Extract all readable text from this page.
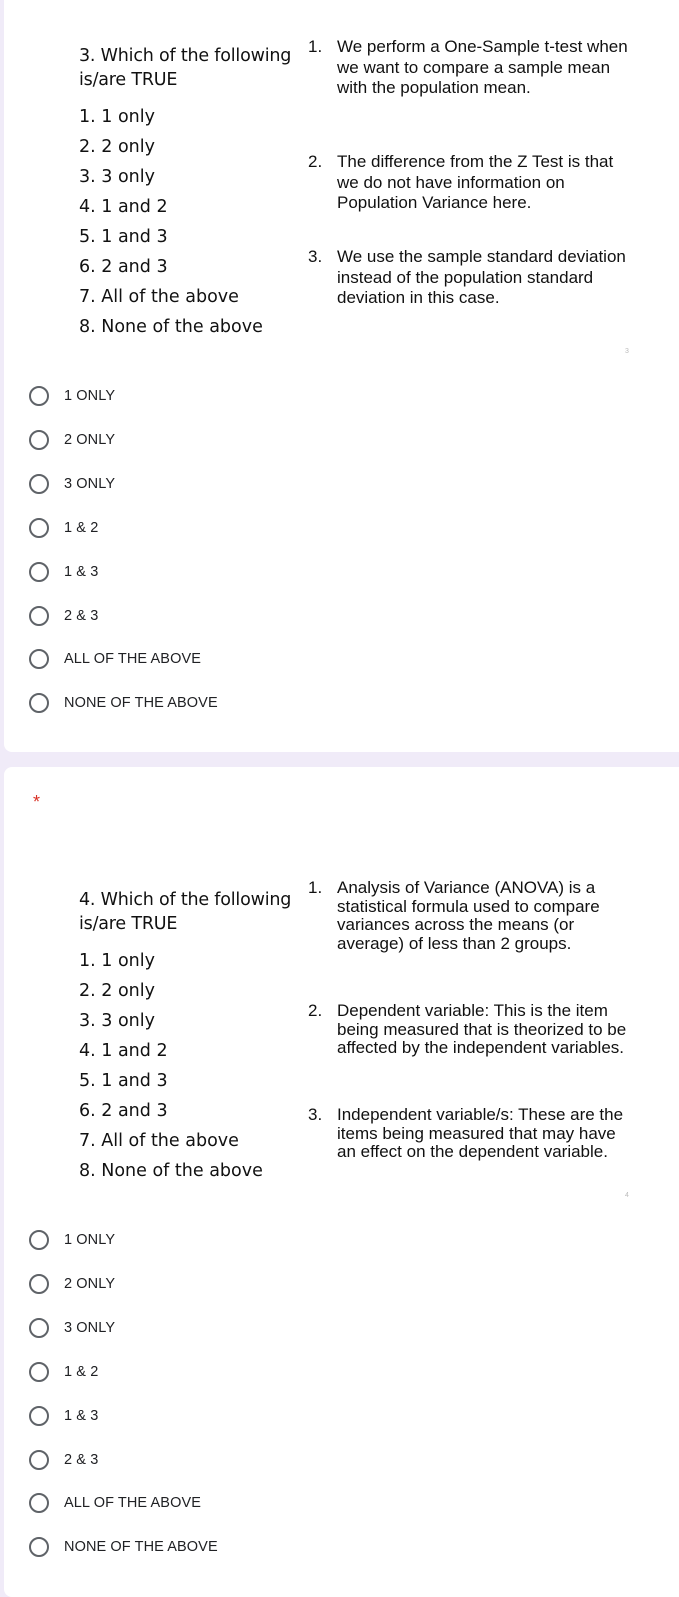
3. Which of the following is/are TRUE
1. 1 only
2. 2 only
3. 3 only
4. 1 and 2
5. 1 and 3
6. 2 and 3
7. All of the above
8. None of the above
1. We perform a One-Sample t-test when we want to compare a sample mean with the population mean.
2. The difference from the Z Test is that we do not have information on Population Variance here.
3. We use the sample standard deviation instead of the population standard deviation in this case.
3
1 ONLY
2 ONLY
3 ONLY
1 & 2
1 & 3
2 & 3
ALL OF THE ABOVE
NONE OF THE ABOVE
*
4. Which of the following is/are TRUE
1. 1 only
2. 2 only
3. 3 only
4. 1 and 2
5. 1 and 3
6. 2 and 3
7. All of the above
8. None of the above
1. Analysis of Variance (ANOVA) is a statistical formula used to compare variances across the means (or average) of less than 2 groups.
2. Dependent variable: This is the item being measured that is theorized to be affected by the independent variables.
3. Independent variable/s: These are the items being measured that may have an effect on the dependent variable.
4
1 ONLY
2 ONLY
3 ONLY
1 & 2
1 & 3
2 & 3
ALL OF THE ABOVE
NONE OF THE ABOVE
